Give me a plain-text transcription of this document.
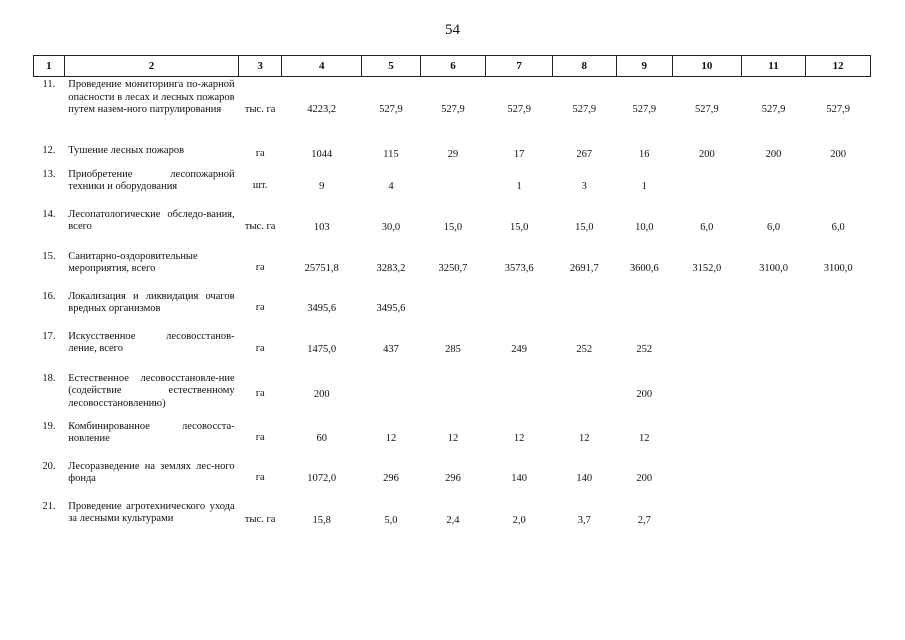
54
1	2	3	4	5	6	7	8	9	10	11	12
11.	Проведение мониторинга по-жарной опасности в лесах и лесных пожаров путем назем-ного патрулирования	тыс. га	4223,2	527,9	527,9	527,9	527,9	527,9	527,9	527,9	527,9
12.	Тушение лесных пожаров	га	1044	115	29	17	267	16	200	200	200
13.	Приобретение лесопожарной техники и оборудования	шт.	9	4		1	3	1			
14.	Лесопатологические обследо-вания, всего	тыс. га	103	30,0	15,0	15,0	15,0	10,0	6,0	6,0	6,0
15.	Санитарно-оздоровительные мероприятия, всего	га	25751,8	3283,2	3250,7	3573,6	2691,7	3600,6	3152,0	3100,0	3100,0
16.	Локализация и ликвидация очагов вредных организмов	га	3495,6	3495,6							
17.	Искусственное лесовосстанов-ление, всего	га	1475,0	437	285	249	252	252			
18.	Естественное лесовосстановле-ние (содействие естественному лесовосстановлению)	га	200					200			
19.	Комбинированное лесовосста-новление	га	60	12	12	12	12	12			
20.	Лесоразведение на землях лес-ного фонда	га	1072,0	296	296	140	140	200			
21.	Проведение агротехнического ухода за лесными культурами	тыс. га	15,8	5,0	2,4	2,0	3,7	2,7			
